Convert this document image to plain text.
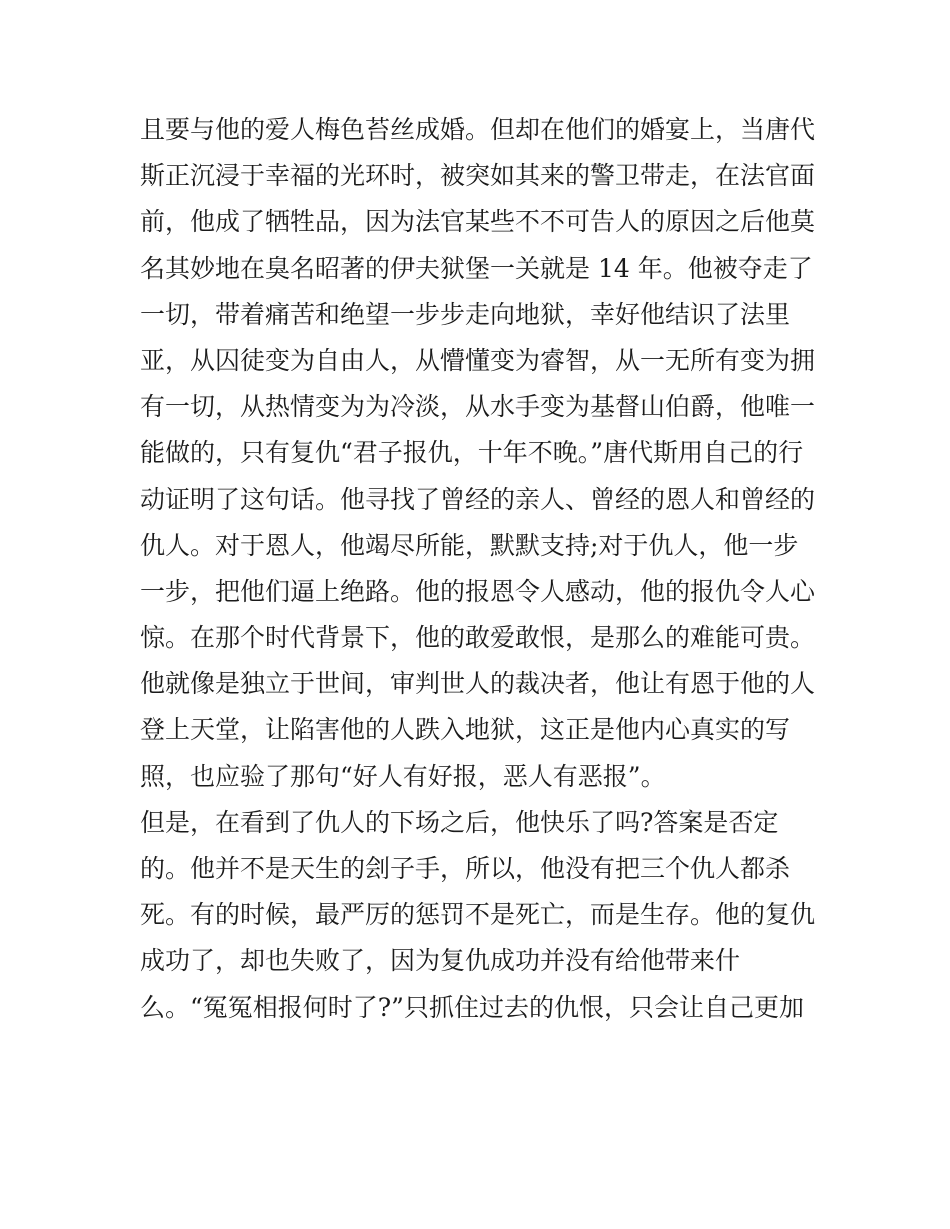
且要与他的爱人梅色苔丝成婚。但却在他们的婚宴上，当唐代
斯正沉浸于幸福的光环时，被突如其来的警卫带走，在法官面
前，他成了牺牲品，因为法官某些不不可告人的原因之后他莫
名其妙地在臭名昭著的伊夫狱堡一关就是 14 年。他被夺走了
一切，带着痛苦和绝望一步步走向地狱，幸好他结识了法里
亚，从囚徒变为自由人，从懵懂变为睿智，从一无所有变为拥
有一切，从热情变为为冷淡，从水手变为基督山伯爵，他唯一
能做的，只有复仇“君子报仇，十年不晚。”唐代斯用自己的行
动证明了这句话。他寻找了曾经的亲人、曾经的恩人和曾经的
仇人。对于恩人，他竭尽所能，默默支持;对于仇人，他一步
一步，把他们逼上绝路。他的报恩令人感动，他的报仇令人心
惊。在那个时代背景下，他的敢爱敢恨，是那么的难能可贵。
他就像是独立于世间，审判世人的裁决者，他让有恩于他的人
登上天堂，让陷害他的人跌入地狱，这正是他内心真实的写
照，也应验了那句“好人有好报，恶人有恶报”。
但是，在看到了仇人的下场之后，他快乐了吗?答案是否定
的。他并不是天生的刽子手，所以，他没有把三个仇人都杀
死。有的时候，最严厉的惩罚不是死亡，而是生存。他的复仇
成功了，却也失败了，因为复仇成功并没有给他带来什
么。“冤冤相报何时了?”只抓住过去的仇恨，只会让自己更加
